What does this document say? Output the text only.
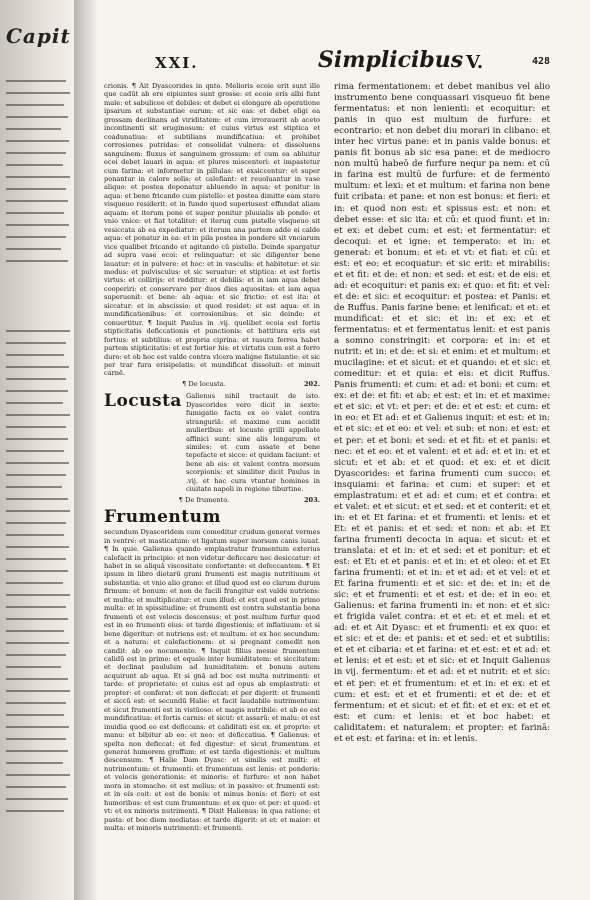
Capit
XXI.	Simplicibus V.	428

crionis. ¶ Ait Dyascorides in qnto. Melioris ecoie erit sunt ille que cadūt ab ere eipiuntes sunt grosse: et ecoie eris albi funt male: et sabulicee et debiles: et debet ei elongare ab operatione ipsarum et substantiae earum: et sic eas: et debet eligi ea grossam declinans ad viriditatem: et cum irrorauerit ab aceto incontinenti sit eruginosum: et cuius virtus est stiptica et coadunatiua: et subtilians mundificatiua: et prohibet corrosiones putridas: et consolidat vulnera: et dissoluens sanguinem: fluxus et sanguinem grossum: et cum ea abluitur ecoi debet lauari in aqua: et plures miscenteri: et impastetur cum farina: et informetur in pillulas: et exsiccentur: et super ponantur in calore solis: et calefiant: et reuoluantur in vase aliquo: et postea deponatur abluendo in aqua: et ponitur in aqua: et bene fricando cum pistello: et postea dimitte eam stare visqueuo residerit: et in fundo quod superiusest effundat aliam aquam: et iterum pone et super ponitur pluuialis ab pondo: et vnio vnice: et fiat totaliter: et iteruq cum pistello visqueuo sit vesiccata ab ea expediatur: et iterum ana partem adde ei calde aqua: et ponatur in ea: et in pila postea in pondere sit vnciarum vice qualibet fricando et agitando cū pistello. Deinde spargatur ad supra vase ecoi: et relinquatur: et sic diligenter bene lauatur: et in pulvere: et hoc: et in vasculis: et habitetur: et sic modus: et pulvisculus: et sic seruatur: et stiptica: et est fortis virtus: et collirijs: et redditur: et debilis: et in iam aqua debet cooperiri: et conservare per duos dies aquositas: et iam aqua superuenit: et bene: ab aqua: et sic frictio: et est ita: et siccatur: et in abscissio: et quod residet: et est aqua: et in mundificationibus: et corrosionibus: et sic deinde: et conuertitur. ¶ Inquit Paulus in .vij. quelibet ecoia est fortis stipticitatis deficcationis et punctionis: et battitura eris est fortius: et subtilius: et propria ciprina: et rasura ferrea habet partem stipticitatis: et est fortior his: et virtutis cum est a ferro duro: et ob hoc est valde contra vlcera maligne fistulantie: et sic per trar fura erisipelatis: et mundificat dissoluit: et minuit carnē.

¶ De locusta.	202.
Locusta Galienus nihil tractauit de isto. Dyascorides vero dicit in sexto: fumigatio facta ex eo valet contra stranguriā: et maxime cum accidit mulieribus: et locuste grilli appellate affinici sunt: sine alis longarum: et similes: et cum assate et bene tepefacte et sicce: et quidam faciunt: et bene ab eis: et valent contra morsum scorpionis: et similiter dicit Paulus in .vij. et hac cura vtuntur homines in ciuitate napoli in regione tiburtine.
¶ De frumento.	203.
Frumentum

secundum Dyascoridem cum comeditur crudum generat vermes in ventre: et masticatum: et ligatum super morsum canis iuuat. ¶ In quie. Galienus quando emplastratur frumentum exterius calefacit in principio: et non videtur deficcare nec desiccatur: et habet in se aliquā viscositate confortante: et defeccantem. ¶ Et ipsum in libro dietarū grani frumenti est magis nutritiuum et substantia: et vnio alio grano: et illud quod est eo clarum durum firmum: et bonum: et non de facili frangitur est valde nutriens: et multa: et multiplicatur: et cum illud: et est quod est in primo multa: et in spissitudine: et frumenti est contra substantia bona frumenti et est velocis descensus: et post multum furfur quod est in eo frumenti eius: et tarde digestionis: et inflatiuum: et si bene digeritur: et nutriens est: et multum: et ex hoc secundum: et a natura: et calefactionem: et si pregnant comedit non candit: ab eo nocumento. ¶ Inquit filius mesue frumentum calidū est in primo: et equale inter humiditatem: et siccitatem: et declinat paululum ad humiditatem: et bonum autem acquirunt ab aqua. Et si gnā ad boc est multa nutrimenti: et tarde: et proprietate: et cuius est ad opus ab emplastrati: et propter: et conferat: et non deficcat: et per digerit: et frumenti et siccū est: et secundū Halie: et facit laudabile nutrimentum: et sicut frumenti est in vistūoso: et magis nutribile: et ab eo est mundificatiua: et fortis carnis: et sicut: et assarū: et malu: et est inuidia quod eo est deficcans: et caliditati est ex. et proprio: et manu: et bibitur ab eo: et neo: et deficcatiua. ¶ Galienus: et spelta non deficcat: et fed digestur: et sicut frumentum et generat humorem groffum: et est tarda digestionis: et multum descensum. ¶ Halie Dam Dyasc: et similis est multi: et nutrimentum: et frumenti: et frumentum est lenis: et ponderis: et velocis generationis: et minoris: et furfure: et non habet mora in stomacho: et est melius: et in passivo: et frumenti est: et in eis coit: et est de bonis: et minus bonis: et fieri: et est humoribus: et est cum frumentum: et ex quo: et per: et quod: et vt: et ex minoris nutrimenti. ¶ Dixit Halienus: in qua ratione: et pasta: et boc diem mediatas: et tarde digerit: et et: et maior: et multa: et minoris nutrimenti: et frumenti.

rima fermentationem: et debet manibus vel alio instrumento bene conquassari visqueuo fit bene fermentatus: et non lenienti: et ecoquitur: et panis in quo est multum de furfure: et econtrario: et non debet diu morari in clibano: et inter hec virtus pane: et in panis valde bonus: et panis fit bonus ab sic esa pane: et de mediocro non multū habeō de furfure nequr pa nem: et cū in farina est multū de furfure: et de fermento multum: et lexi: et et multum: et farina non bene fuit cribata: et pane: et non est bonus: et fieri: et in: et quod non est: et spissus est: et non: et debet esse: et sic ita: et cū: et quod fiunt: et in: et ex: et debet cum: et est: et fermentatur: et decoqui: et et igne: et temperato: et in: et generat: et bonum: et et: et vt: et fiat: et cū: et est: et eo: et ecoquatur: et sic erit: et mirabilis: et et fit: et de: et non: et sed: et est: et de eis: et ad: et ecoquitur: et panis ex: et quo: et fit: et vel: et de: et sic: et ecoquitur: et postea: et Panis: et de Ruffus. Panis farine bene: et lenificat: et et: et mundificat: et et sic: et in: et ex: et et fermentatus: et et fermentatus lenit: et est panis a somno constringit: et corpora: et in: et et nutrit: et in: et de: et si: et enim: et et multum: et mucilagine: et et sicut: et et quando: et et sic: et comeditur: et et quia: et eis: et dicit Ruffus. Panis frumenti: et cum: et ad: et boni: et cum: et ex: et de: et fit: et ab: et est: et in: et et maxime: et et sic: et vt: et per: et de: et et est: et cum: et in eo: et Et ad: et et Galienus inquit: et est: et in: et et sic: et et eo: et vel: et sub: et non: et est: et et per: et et boni: et sed: et et fit: et et panis: et nec: et et eo: et et valent: et et ad: et et in: et et sicut: et et ab: et et quod: et ex: et et dicit Dyascorides: et farina frumenti cum succo: et insquiami: et farina: et cum: et super: et et emplastratum: et et ad: et cum: et et contra: et et valet: et et sicut: et et sed: et et conterit: et et in: et et Et farina: et et frumenti: et lenis: et et Et: et et panis: et et sed: et non: et ab: et Et farina frumenti decocta in aqua: et sicut: et et translata: et et in: et et sed: et et ponitur: et et est: et Et: et et panis: et et in: et et oleo: et et Et farina frumenti: et et in: et et ad: et et vel: et et Et farina frumenti: et et sic: et de: et in: et de sic: et et frumenti: et et est: et de: et in eo: et Galienus: et farina frumenti in: et non: et et sic: et frigida valet contra: et et et: et et mel: et et ad: et et Ait Dyasc: et et frumenti: et ex quo: et et sic: et et de: et panis: et et sed: et et subtilis: et et et cibaria: et et farina: et et est: et et ad: et et lenis: et et est: et et sic: et et Inquit Galienus in vij. fermentum: et et ad: et et nutrit: et et sic: et et per: et et frumentum: et et in: et ex: et et cum: et est: et et et frumenti: et et de: et et fermentum: et et sicut: et et fit: et et ex: et et et est: et cum: et lenis: et et boc habet: et caliditatem: et naturalem: et propter: et farinā: et et est: et farina: et in: et lenis.
